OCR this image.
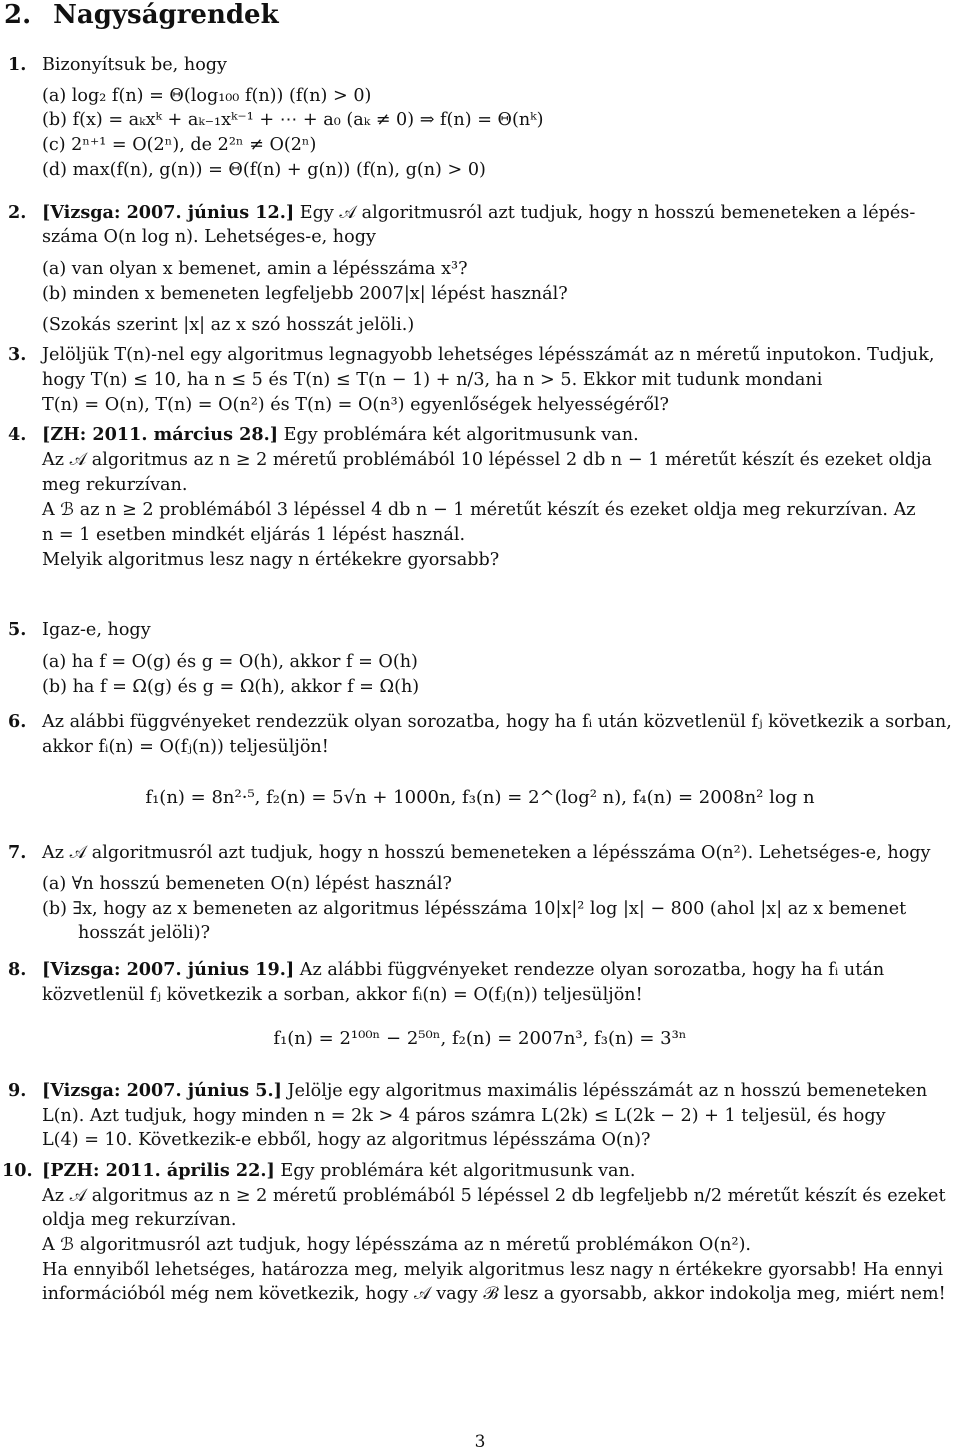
2. Nagyságrendek
1. Bizonyítsuk be, hogy
(a) log₂ f(n) = Θ(log₁₀₀ f(n)) (f(n) > 0)
(b) f(x) = aₖxᵏ + aₖ₋₁xᵏ⁻¹ + ⋯ + a₀ (aₖ ≠ 0) ⇒ f(n) = Θ(nᵏ)
(c) 2ⁿ⁺¹ = O(2ⁿ), de 2²ⁿ ≠ O(2ⁿ)
(d) max(f(n), g(n)) = Θ(f(n) + g(n)) (f(n), g(n) > 0)
2. [Vizsga: 2007. június 12.] Egy 𝒜 algoritmusról azt tudjuk, hogy n hosszú bemeneteken a lépés-
száma O(n log n). Lehetséges-e, hogy
(a) van olyan x bemenet, amin a lépésszáma x³?
(b) minden x bemeneten legfeljebb 2007|x| lépést használ?
(Szokás szerint |x| az x szó hosszát jelöli.)
3. Jelöljük T(n)-nel egy algoritmus legnagyobb lehetséges lépésszámát az n méretű inputokon. Tudjuk,
hogy T(n) ≤ 10, ha n ≤ 5 és T(n) ≤ T(n − 1) + n/3, ha n > 5. Ekkor mit tudunk mondani
T(n) = O(n), T(n) = O(n²) és T(n) = O(n³) egyenlőségek helyességéről?
4. [ZH: 2011. március 28.] Egy problémára két algoritmusunk van.
Az 𝒜 algoritmus az n ≥ 2 méretű problémából 10 lépéssel 2 db n − 1 méretűt készít és ezeket oldja
meg rekurzívan.
A ℬ az n ≥ 2 problémából 3 lépéssel 4 db n − 1 méretűt készít és ezeket oldja meg rekurzívan. Az
n = 1 esetben mindkét eljárás 1 lépést használ.
Melyik algoritmus lesz nagy n értékekre gyorsabb?
5. Igaz-e, hogy
(a) ha f = O(g) és g = O(h), akkor f = O(h)
(b) ha f = Ω(g) és g = Ω(h), akkor f = Ω(h)
6. Az alábbi függvényeket rendezzük olyan sorozatba, hogy ha fᵢ után közvetlenül fⱼ következik a sorban,
akkor fᵢ(n) = O(fⱼ(n)) teljesüljön!
f₁(n) = 8n²·⁵, f₂(n) = 5√n + 1000n, f₃(n) = 2^(log² n), f₄(n) = 2008n² log n
7. Az 𝒜 algoritmusról azt tudjuk, hogy n hosszú bemeneteken a lépésszáma O(n²). Lehetséges-e, hogy
(a) ∀n hosszú bemeneten O(n) lépést használ?
(b) ∃x, hogy az x bemeneten az algoritmus lépésszáma 10|x|² log |x| − 800 (ahol |x| az x bemenet
hosszát jelöli)?
8. [Vizsga: 2007. június 19.] Az alábbi függvényeket rendezze olyan sorozatba, hogy ha fᵢ után
közvetlenül fⱼ következik a sorban, akkor fᵢ(n) = O(fⱼ(n)) teljesüljön!
f₁(n) = 2¹⁰⁰ⁿ − 2⁵⁰ⁿ, f₂(n) = 2007n³, f₃(n) = 3³ⁿ
9. [Vizsga: 2007. június 5.] Jelölje egy algoritmus maximális lépésszámát az n hosszú bemeneteken
L(n). Azt tudjuk, hogy minden n = 2k > 4 páros számra L(2k) ≤ L(2k − 2) + 1 teljesül, és hogy
L(4) = 10. Következik-e ebből, hogy az algoritmus lépésszáma O(n)?
10. [PZH: 2011. április 22.] Egy problémára két algoritmusunk van.
Az 𝒜 algoritmus az n ≥ 2 méretű problémából 5 lépéssel 2 db legfeljebb n/2 méretűt készít és ezeket
oldja meg rekurzívan.
A ℬ algoritmusról azt tudjuk, hogy lépésszáma az n méretű problémákon O(n²).
Ha ennyiből lehetséges, határozza meg, melyik algoritmus lesz nagy n értékekre gyorsabb! Ha ennyi
információból még nem következik, hogy 𝒜 vagy ℬ lesz a gyorsabb, akkor indokolja meg, miért nem!
3
